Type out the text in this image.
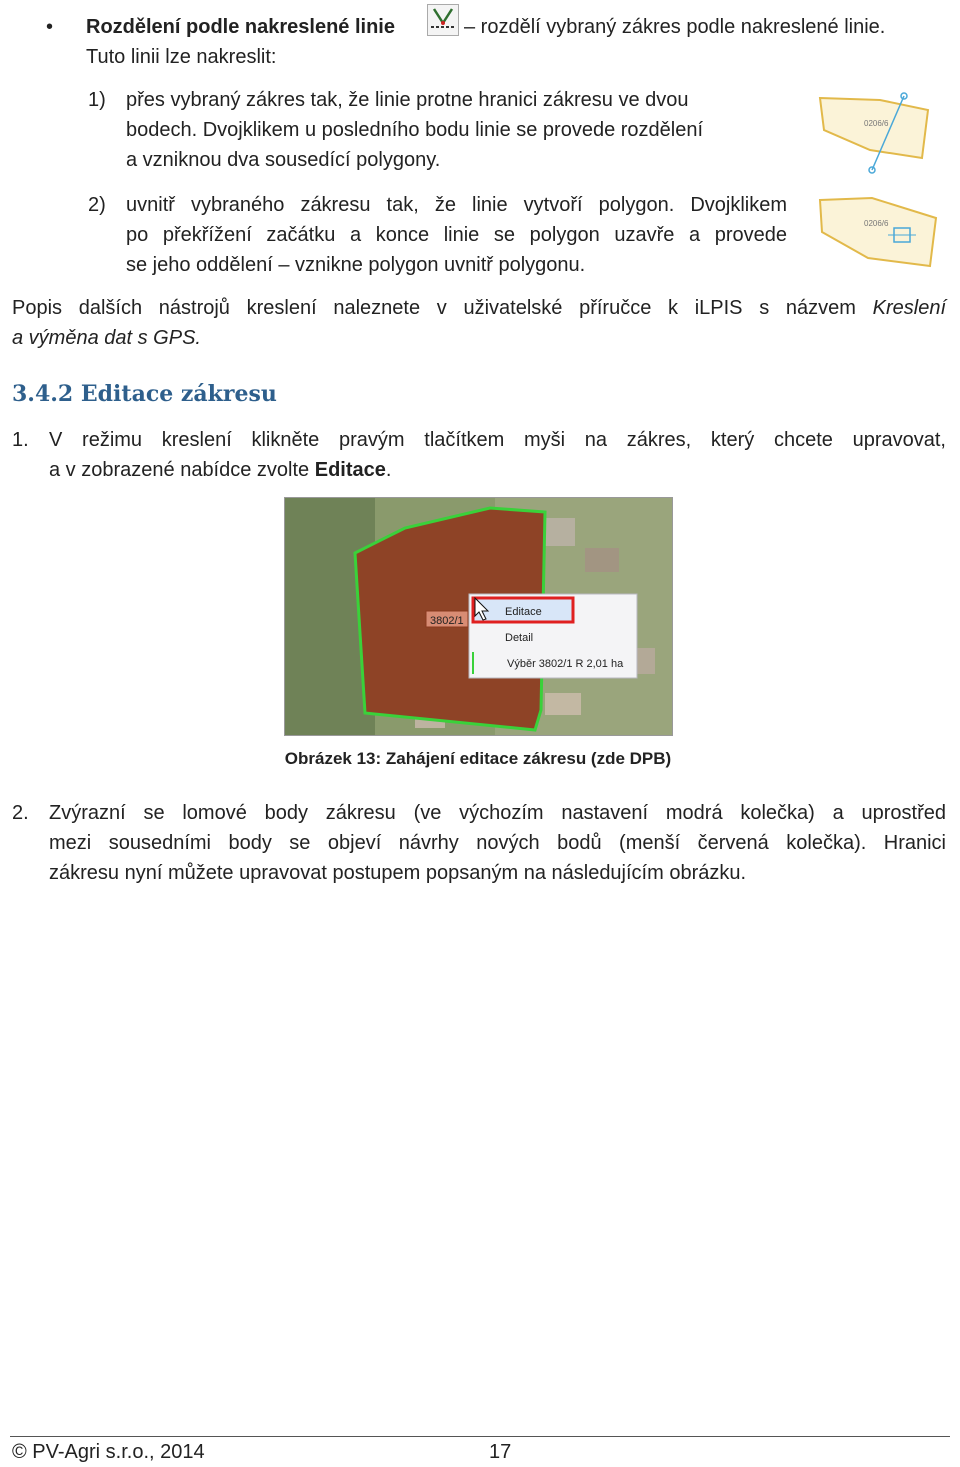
• Rozdělení podle nakreslené linie	– rozdělí vybraný zákres podle nakreslené linie.
Tuto linii lze nakreslit:
1) přes vybraný zákres tak, že linie protne hranici zákresu ve dvou
bodech. Dvojklikem u posledního bodu linie se provede rozdělení
a vzniknou dva sousedící polygony.
0206/6
2) uvnitř vybraného zákresu tak, že linie vytvoří polygon. Dvojklikem
po překřížení začátku a konce linie se polygon uzavře a provede
se jeho oddělení – vznikne polygon uvnitř polygonu.
0206/6
Popis dalších nástrojů kreslení naleznete v uživatelské příručce k iLPIS s názvem Kreslení
a výměna dat s GPS.
3.4.2 Editace zákresu
1. V režimu kreslení klikněte pravým tlačítkem myši na zákres, který chcete upravovat,
a v zobrazené nabídce zvolte Editace.
3802/1
Editace
Detail
Výběr 3802/1 R 2,01 ha
Obrázek 13: Zahájení editace zákresu (zde DPB)
2. Zvýrazní se lomové body zákresu (ve výchozím nastavení modrá kolečka) a uprostřed
mezi sousedními body se objeví návrhy nových bodů (menší červená kolečka). Hranici
zákresu nyní můžete upravovat postupem popsaným na následujícím obrázku.
© PV-Agri s.r.o., 2014	17
